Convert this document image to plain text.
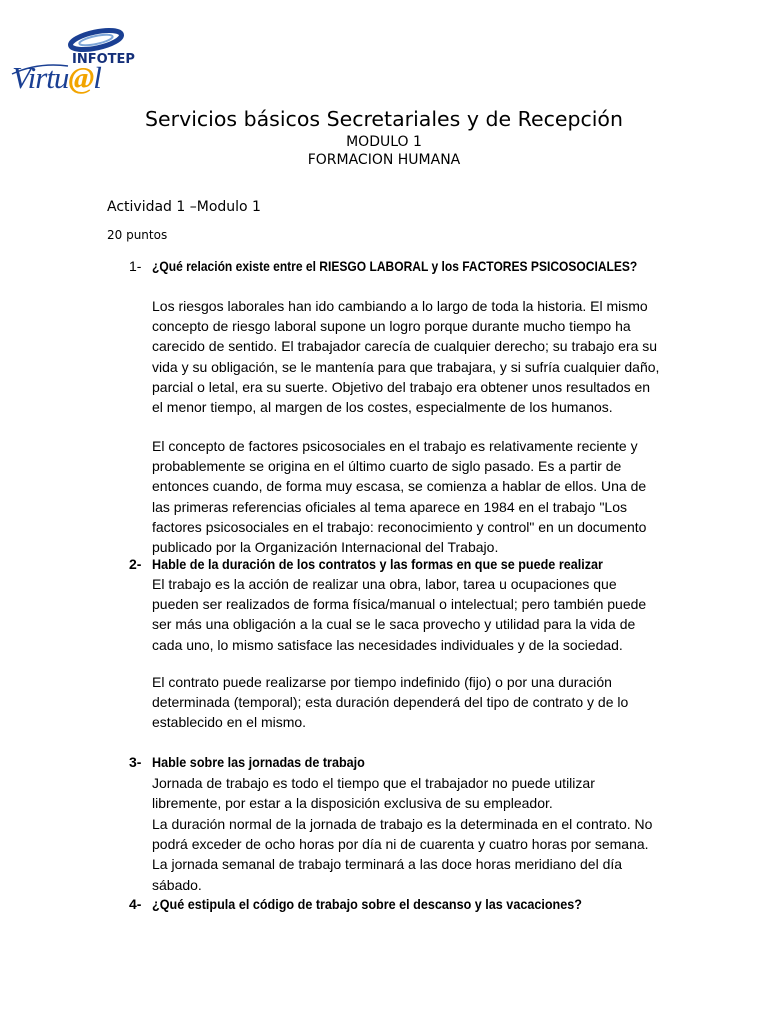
INFOTEP
Virtu@l
Servicios básicos Secretariales y de Recepción
MODULO 1
FORMACION HUMANA
Actividad 1 –Modulo 1
20 puntos
1- ¿Qué relación existe entre el RIESGO LABORAL y los FACTORES PSICOSOCIALES?
Los riesgos laborales han ido cambiando a lo largo de toda la historia. El mismo concepto de riesgo laboral supone un logro porque durante mucho tiempo ha carecido de sentido. El trabajador carecía de cualquier derecho; su trabajo era su vida y su obligación, se le mantenía para que trabajara, y si sufría cualquier daño, parcial o letal, era su suerte. Objetivo del trabajo era obtener unos resultados en el menor tiempo, al margen de los costes, especialmente de los humanos.
El concepto de factores psicosociales en el trabajo es relativamente reciente y probablemente se origina en el último cuarto de siglo pasado. Es a partir de entonces cuando, de forma muy escasa, se comienza a hablar de ellos. Una de las primeras referencias oficiales al tema aparece en 1984 en el trabajo "Los factores psicosociales en el trabajo: reconocimiento y control" en un documento publicado por la Organización Internacional del Trabajo.
2- Hable de la duración de los contratos y las formas en que se puede realizar
El trabajo es la acción de realizar una obra, labor, tarea u ocupaciones que pueden ser realizados de forma física/manual o intelectual; pero también puede ser más una obligación a la cual se le saca provecho y utilidad para la vida de cada uno, lo mismo satisface las necesidades individuales y de la sociedad.
El contrato puede realizarse por tiempo indefinido (fijo) o por una duración determinada (temporal); esta duración dependerá del tipo de contrato y de lo establecido en el mismo.
3- Hable sobre las jornadas de trabajo
Jornada de trabajo es todo el tiempo que el trabajador no puede utilizar libremente, por estar a la disposición exclusiva de su empleador.
La duración normal de la jornada de trabajo es la determinada en el contrato. No podrá exceder de ocho horas por día ni de cuarenta y cuatro horas por semana. La jornada semanal de trabajo terminará a las doce horas meridiano del día sábado.
4- ¿Qué estipula el código de trabajo sobre el descanso y las vacaciones?
